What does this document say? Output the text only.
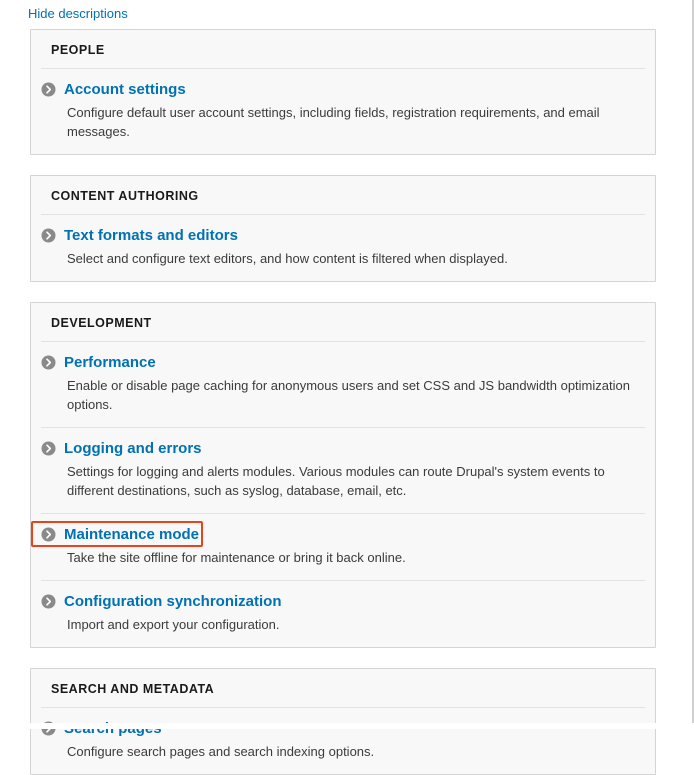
Hide descriptions
PEOPLE
Account settings
Configure default user account settings, including fields, registration requirements, and email messages.
CONTENT AUTHORING
Text formats and editors
Select and configure text editors, and how content is filtered when displayed.
DEVELOPMENT
Performance
Enable or disable page caching for anonymous users and set CSS and JS bandwidth optimization options.
Logging and errors
Settings for logging and alerts modules. Various modules can route Drupal's system events to different destinations, such as syslog, database, email, etc.
Maintenance mode
Take the site offline for maintenance or bring it back online.
Configuration synchronization
Import and export your configuration.
SEARCH AND METADATA
Configure search pages and search indexing options.
